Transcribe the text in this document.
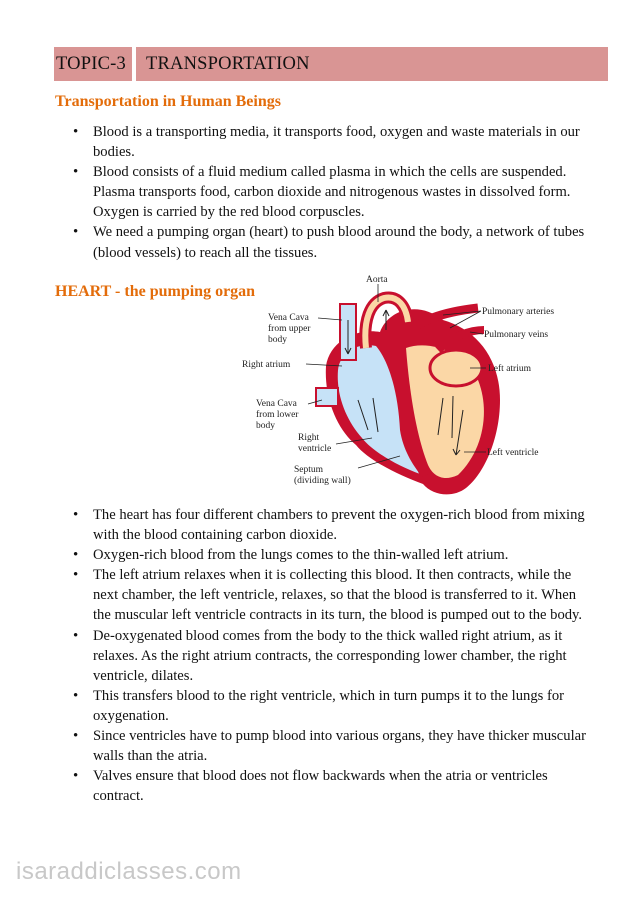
TOPIC-3	TRANSPORTATION
Transportation in Human Beings
• Blood is a transporting media, it transports food, oxygen and waste materials in our bodies.
• Blood consists of a fluid medium called plasma in which the cells are suspended. Plasma transports food, carbon dioxide and nitrogenous wastes in dissolved form. Oxygen is carried by the red blood corpuscles.
• We need a pumping organ (heart) to push blood around the body, a network of tubes (blood vessels) to reach all the tissues.
HEART - the pumping organ
Aorta
Vena Cava
from upper
body
Pulmonary arteries
Pulmonary veins
Right atrium	Left atrium
Vena Cava
from lower
body
Right
ventricle	Left ventricle
Septum
(dividing wall)
• The heart has four different chambers to prevent the oxygen-rich blood from mixing with the blood containing carbon dioxide.
• Oxygen-rich blood from the lungs comes to the thin-walled left atrium.
• The left atrium relaxes when it is collecting this blood. It then contracts, while the next chamber, the left ventricle, relaxes, so that the blood is transferred to it. When the muscular left ventricle contracts in its turn, the blood is pumped out to the body.
• De-oxygenated blood comes from the body to the thick walled right atrium, as it relaxes. As the right atrium contracts, the corresponding lower chamber, the right ventricle, dilates.
• This transfers blood to the right ventricle, which in turn pumps it to the lungs for oxygenation.
• Since ventricles have to pump blood into various organs, they have thicker muscular walls than the atria.
• Valves ensure that blood does not flow backwards when the atria or ventricles contract.
isaraddiclasses.com
